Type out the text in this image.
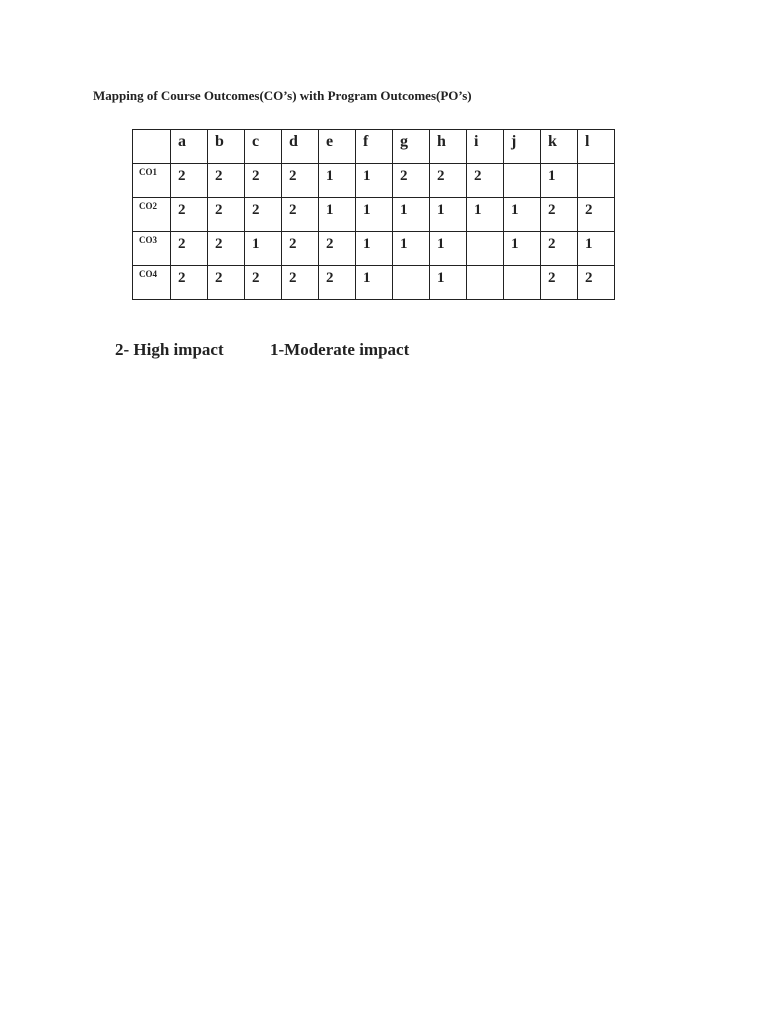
Mapping of Course Outcomes(CO’s) with Program Outcomes(PO’s)
	a	b	c	d	e	f	g	h	i	j	k	l
CO1	2	2	2	2	1	1	2	2	2		1	
CO2	2	2	2	2	1	1	1	1	1	1	2	2
CO3	2	2	1	2	2	1	1	1		1	2	1
CO4	2	2	2	2	2	1		1			2	2
2- High impact	1-Moderate impact
